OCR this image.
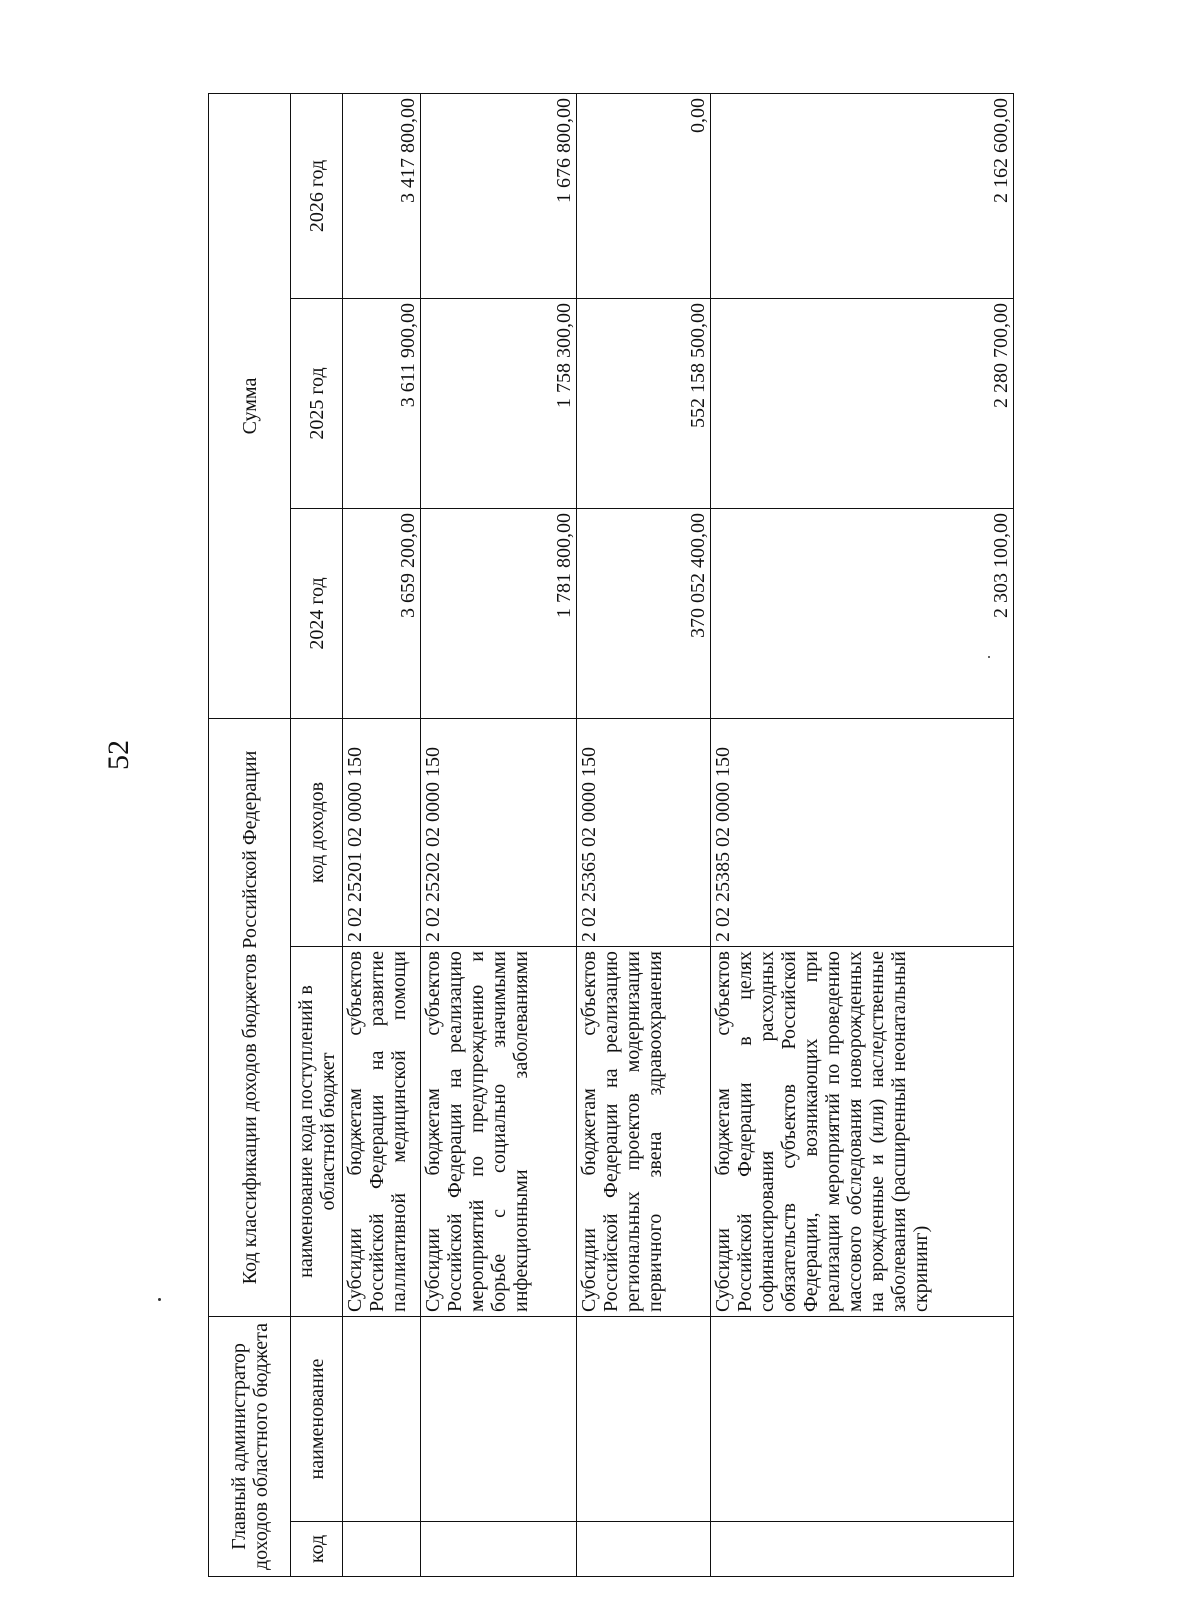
52
Главный администратор доходов областного бюджета		Код классификации доходов бюджетов Российской Федерации		Сумма		
код	наименование	наименование кода поступлений в областной бюджет	код доходов	2024 год	2025 год	2026 год
		Субсидии бюджетам субъектов Российской Федерации на развитие паллиативной медицинской помощи	2 02 25201 02 0000 150	3 659 200,00	3 611 900,00	3 417 800,00
		Субсидии бюджетам субъектов Российской Федерации на реализацию мероприятий по предупреждению и борьбе с социально значимыми инфекционными заболеваниями	2 02 25202 02 0000 150	1 781 800,00	1 758 300,00	1 676 800,00
		Субсидии бюджетам субъектов Российской Федерации на реализацию региональных проектов модернизации первичного звена здравоохранения	2 02 25365 02 0000 150	370 052 400,00	552 158 500,00	0,00
		Субсидии бюджетам субъектов Российской Федерации в целях софинансирования расходных обязательств субъектов Российской Федерации, возникающих при реализации мероприятий по проведению массового обследования новорожденных на врожденные и (или) наследственные заболевания (расширенный неонатальный скрининг)	2 02 25385 02 0000 150	2 303 100,00	2 280 700,00	2 162 600,00
